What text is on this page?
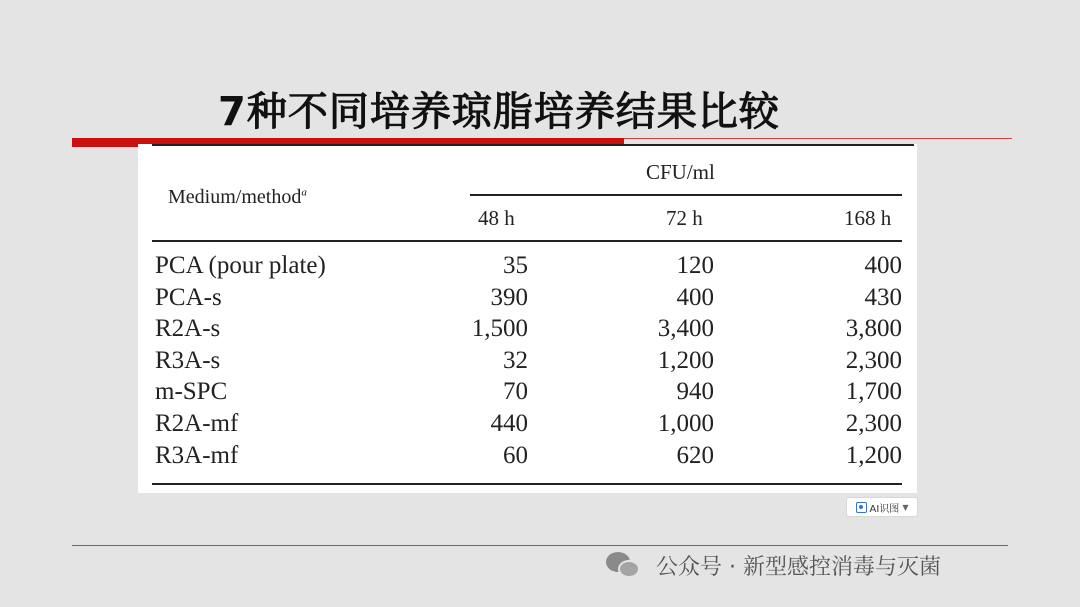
7种不同培养琼脂培养结果比较
Medium/method$^a$
CFU/ml
48 h	72 h	168 h
PCA (pour plate)	35	120	400
PCA-s	390	400	430
R2A-s	1,500	3,400	3,800
R3A-s	32	1,200	2,300
m-SPC	70	940	1,700
R2A-mf	440	1,000	2,300
R3A-mf	60	620	1,200
AI识图 ▼
公众号 · 新型感控消毒与灭菌
